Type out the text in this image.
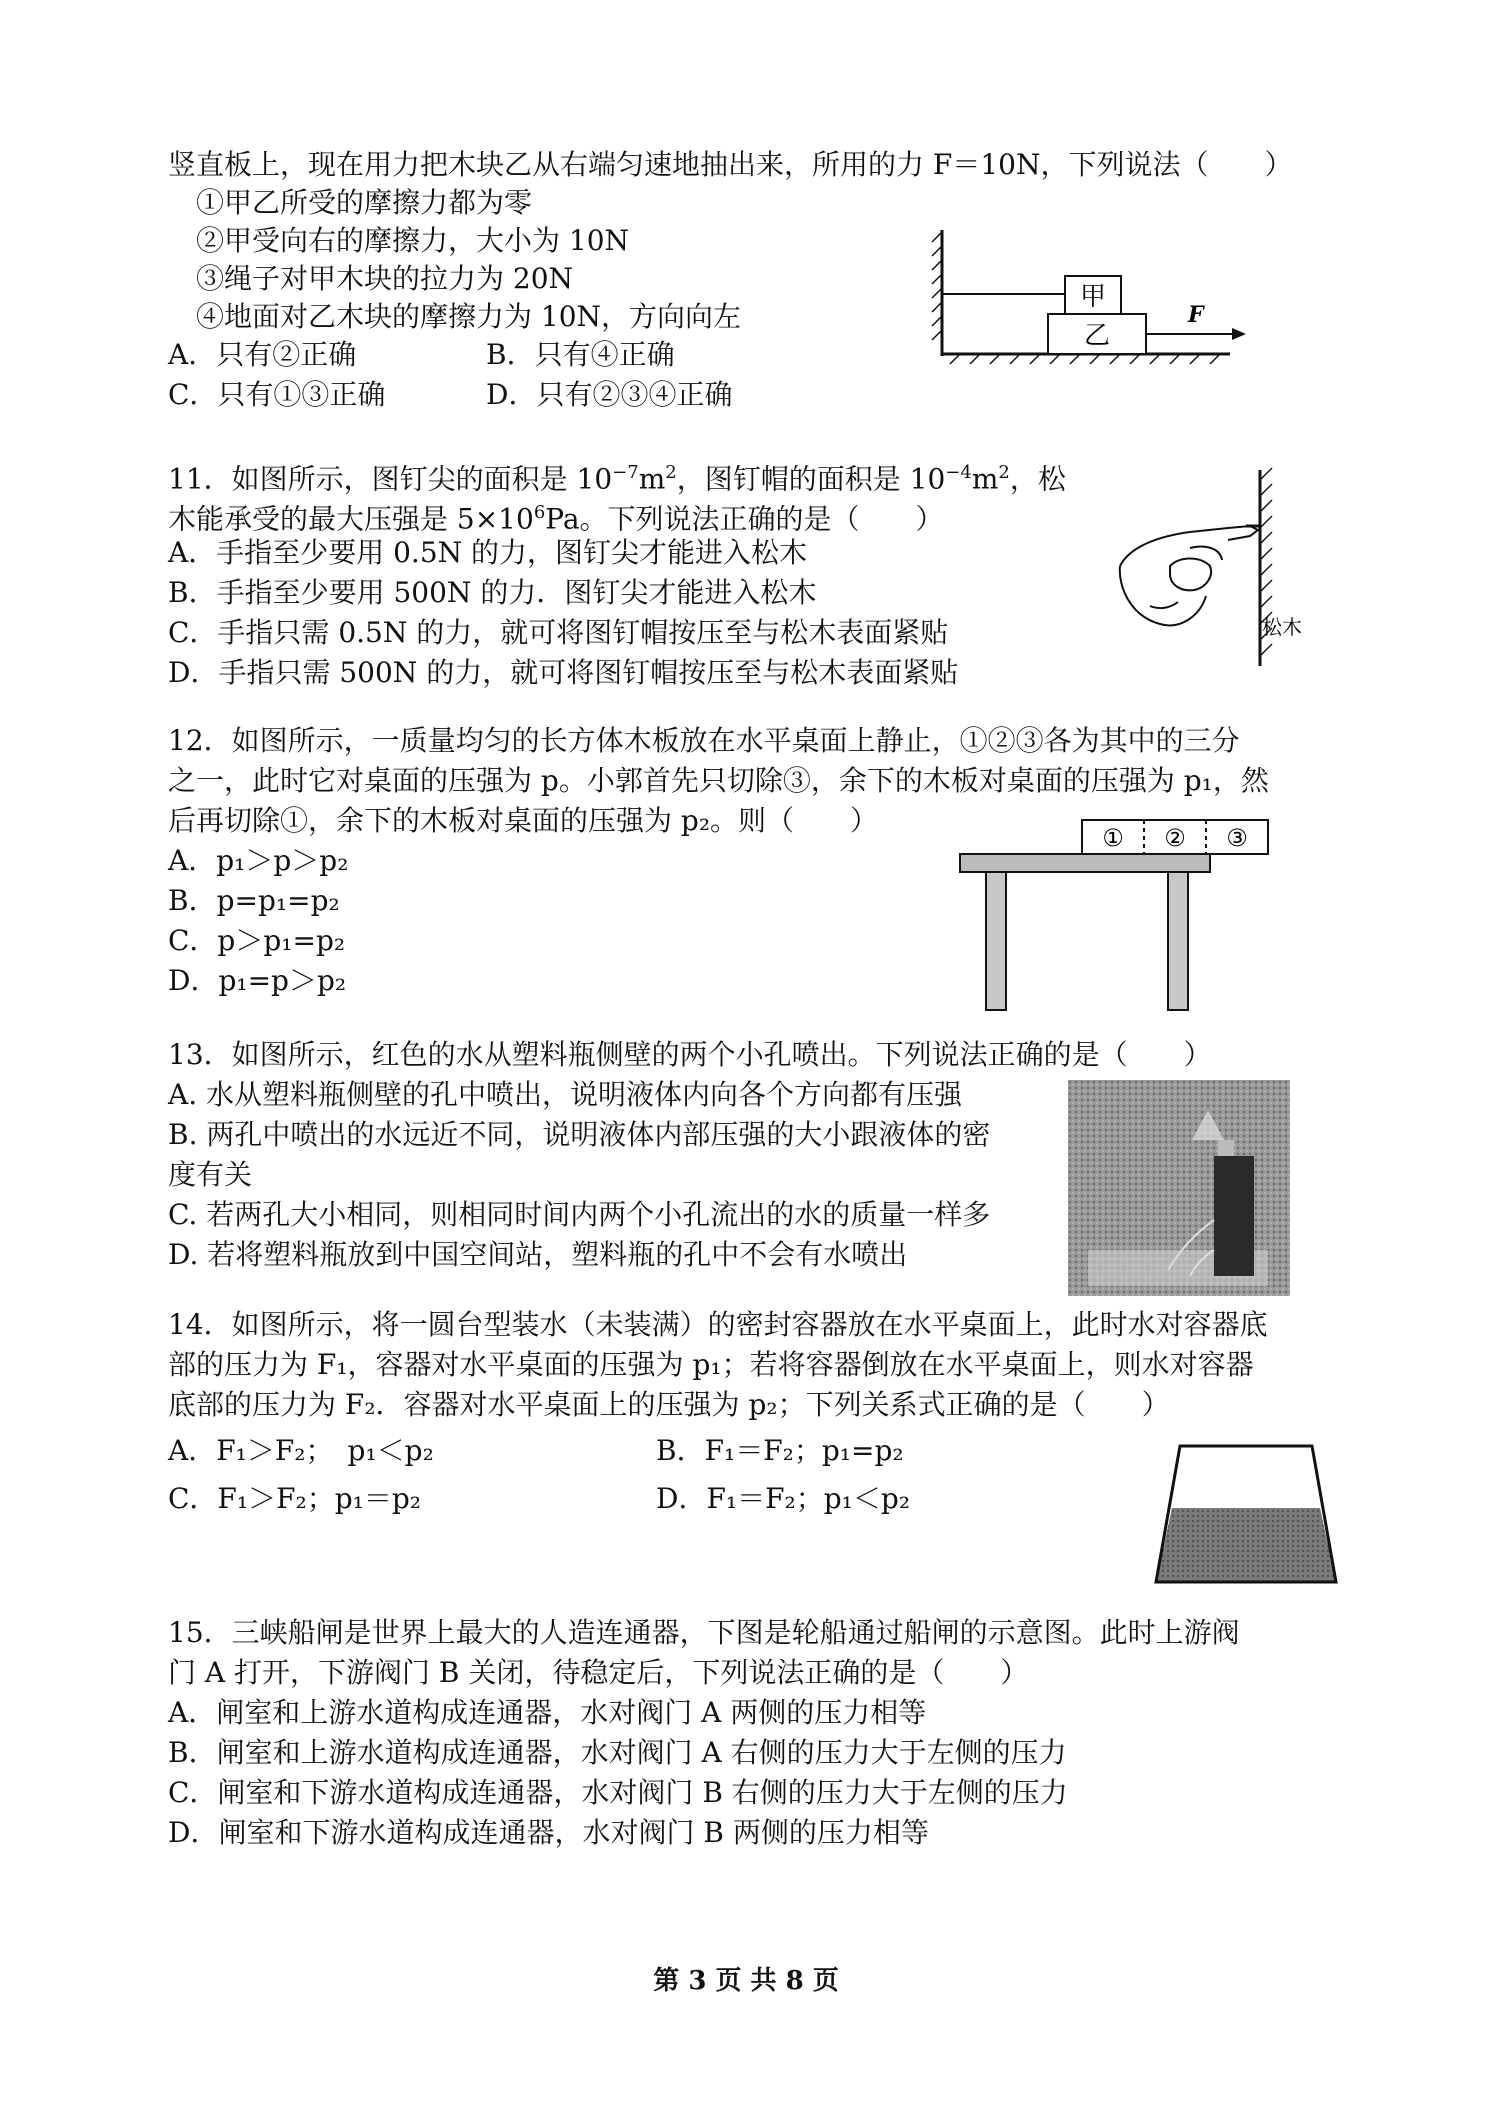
竖直板上，现在用力把木块乙从右端匀速地抽出来，所用的力 F＝10N，下列说法（　　）
①甲乙所受的摩擦力都为零
②甲受向右的摩擦力，大小为 10N
③绳子对甲木块的拉力为 20N
④地面对乙木块的摩擦力为 10N，方向向左
A．只有②正确	B．只有④正确
C．只有①③正确	D．只有②③④正确
甲
乙
F
11．如图所示，图钉尖的面积是 $10^{-7}m^2$，图钉帽的面积是 $10^{-4}m^2$，松
木能承受的最大压强是 $5\times 10^6Pa$。下列说法正确的是（　　）
A．手指至少要用 0.5N 的力，图钉尖才能进入松木
B．手指至少要用 500N 的力．图钉尖才能进入松木
C．手指只需 0.5N 的力，就可将图钉帽按压至与松木表面紧贴
D．手指只需 500N 的力，就可将图钉帽按压至与松木表面紧贴
松木
12．如图所示，一质量均匀的长方体木板放在水平桌面上静止，①②③各为其中的三分
之一，此时它对桌面的压强为 p。小郭首先只切除③，余下的木板对桌面的压强为 p₁，然
后再切除①，余下的木板对桌面的压强为 p₂。则（　　）
A．p₁＞p＞p₂
B．p=p₁=p₂
C．p＞p₁=p₂
D．p₁=p＞p₂
① ② ③
13．如图所示，红色的水从塑料瓶侧壁的两个小孔喷出。下列说法正确的是（　　）
A. 水从塑料瓶侧壁的孔中喷出，说明液体内向各个方向都有压强
B. 两孔中喷出的水远近不同，说明液体内部压强的大小跟液体的密
度有关
C. 若两孔大小相同，则相同时间内两个小孔流出的水的质量一样多
D. 若将塑料瓶放到中国空间站，塑料瓶的孔中不会有水喷出
14．如图所示，将一圆台型装水（未装满）的密封容器放在水平桌面上，此时水对容器底
部的压力为 F₁，容器对水平桌面的压强为 p₁；若将容器倒放在水平桌面上，则水对容器
底部的压力为 F₂．容器对水平桌面上的压强为 p₂；下列关系式正确的是（　　）
A．F₁＞F₂；　p₁＜p₂	B．F₁＝F₂；p₁=p₂
C．F₁＞F₂；p₁＝p₂	D．F₁＝F₂；p₁＜p₂
15．三峡船闸是世界上最大的人造连通器，下图是轮船通过船闸的示意图。此时上游阀
门 A 打开，下游阀门 B 关闭，待稳定后，下列说法正确的是（　　）
A．闸室和上游水道构成连通器，水对阀门 A 两侧的压力相等
B．闸室和上游水道构成连通器，水对阀门 A 右侧的压力大于左侧的压力
C．闸室和下游水道构成连通器，水对阀门 B 右侧的压力大于左侧的压力
D．闸室和下游水道构成连通器，水对阀门 B 两侧的压力相等
第 3 页 共 8 页
